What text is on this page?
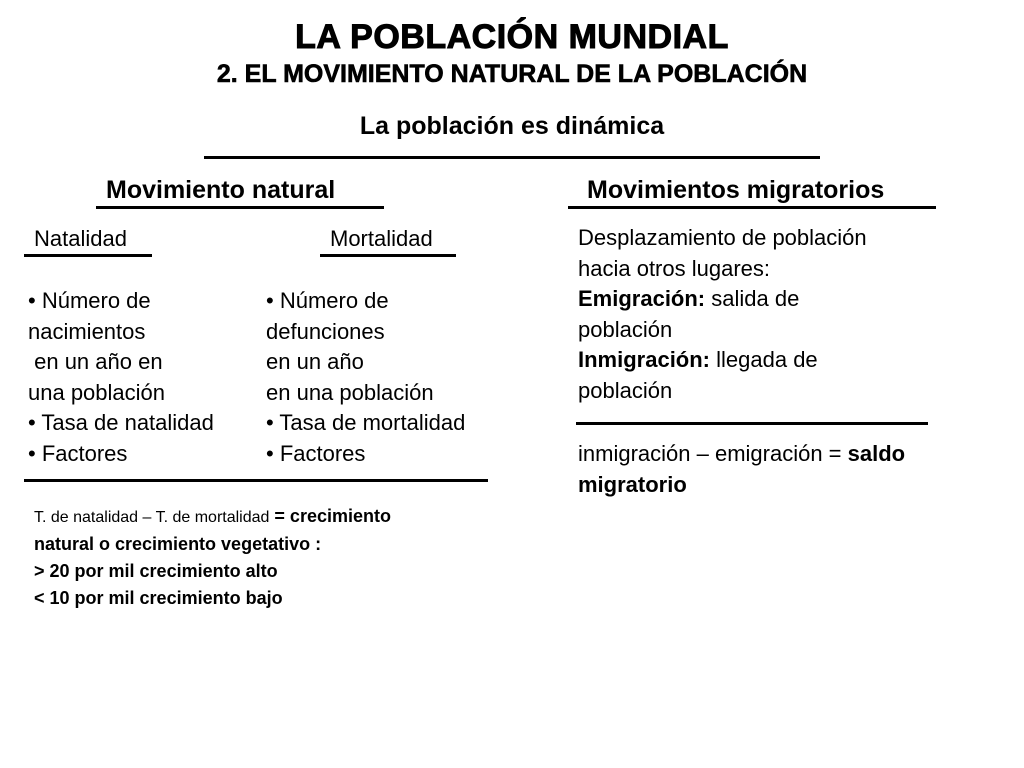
LA POBLACIÓN MUNDIAL
2. EL MOVIMIENTO NATURAL DE LA POBLACIÓN
La población es dinámica
Movimiento natural
Natalidad	Mortalidad
• Número de
nacimientos
en un año en
una población
• Tasa de natalidad
• Factores
• Número de
defunciones
en un año
en una población
• Tasa de mortalidad
• Factores
T. de natalidad – T. de mortalidad = crecimiento
natural o crecimiento vegetativo :
> 20 por mil crecimiento alto
< 10 por mil crecimiento bajo
Movimientos migratorios
Desplazamiento de población
hacia otros lugares:
Emigración: salida de
población
Inmigración: llegada de
población
inmigración – emigración = saldo
migratorio
